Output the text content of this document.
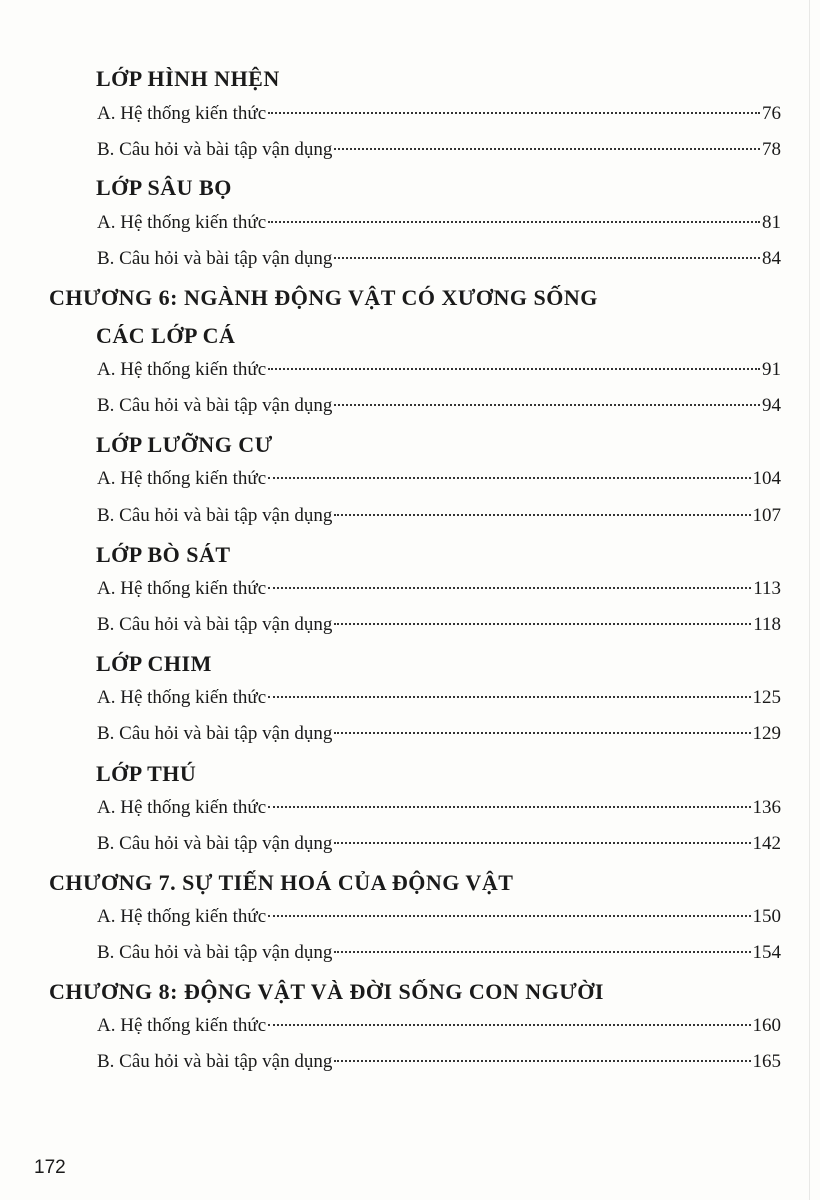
LỚP HÌNH NHỆN
A. Hệ thống kiến thức	76
B. Câu hỏi và bài tập vận dụng	78
LỚP SÂU BỌ
A. Hệ thống kiến thức	81
B. Câu hỏi và bài tập vận dụng	84
CHƯƠNG 6: NGÀNH ĐỘNG VẬT CÓ XƯƠNG SỐNG
CÁC LỚP CÁ
A. Hệ thống kiến thức	91
B. Câu hỏi và bài tập vận dụng	94
LỚP LƯỠNG CƯ
A. Hệ thống kiến thức	104
B. Câu hỏi và bài tập vận dụng	107
LỚP BÒ SÁT
A. Hệ thống kiến thức	113
B. Câu hỏi và bài tập vận dụng	118
LỚP CHIM
A. Hệ thống kiến thức	125
B. Câu hỏi và bài tập vận dụng	129
LỚP THÚ
A. Hệ thống kiến thức	136
B. Câu hỏi và bài tập vận dụng	142
CHƯƠNG 7. SỰ TIẾN HOÁ CỦA ĐỘNG VẬT
A. Hệ thống kiến thức	150
B. Câu hỏi và bài tập vận dụng	154
CHƯƠNG 8: ĐỘNG VẬT VÀ ĐỜI SỐNG CON NGƯỜI
A. Hệ thống kiến thức	160
B. Câu hỏi và bài tập vận dụng	165
172
